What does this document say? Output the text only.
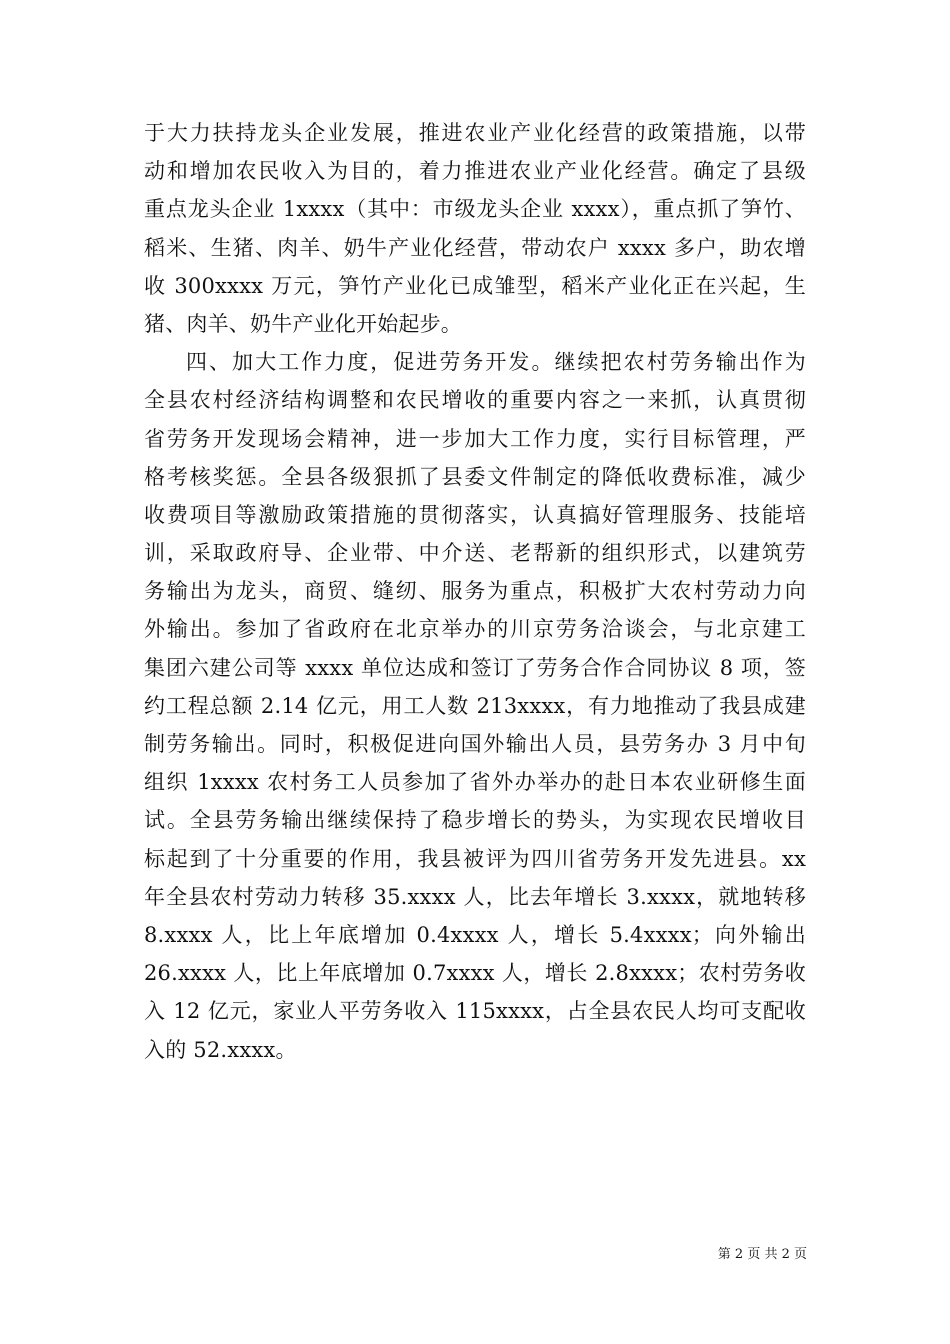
于大力扶持龙头企业发展，推进农业产业化经营的政策措施，以带
动和增加农民收入为目的，着力推进农业产业化经营。确定了县级
重点龙头企业 1xxxx（其中：市级龙头企业 xxxx），重点抓了笋竹、
稻米、生猪、肉羊、奶牛产业化经营，带动农户 xxxx 多户，助农增
收 300xxxx 万元，笋竹产业化已成雏型，稻米产业化正在兴起，生
猪、肉羊、奶牛产业化开始起步。
四、加大工作力度，促进劳务开发。继续把农村劳务输出作为
全县农村经济结构调整和农民增收的重要内容之一来抓，认真贯彻
省劳务开发现场会精神，进一步加大工作力度，实行目标管理，严
格考核奖惩。全县各级狠抓了县委文件制定的降低收费标准，减少
收费项目等激励政策措施的贯彻落实，认真搞好管理服务、技能培
训，采取政府导、企业带、中介送、老帮新的组织形式，以建筑劳
务输出为龙头，商贸、缝纫、服务为重点，积极扩大农村劳动力向
外输出。参加了省政府在北京举办的川京劳务洽谈会，与北京建工
集团六建公司等 xxxx 单位达成和签订了劳务合作合同协议 8 项，签
约工程总额 2.14 亿元，用工人数 213xxxx，有力地推动了我县成建
制劳务输出。同时，积极促进向国外输出人员，县劳务办 3 月中旬
组织 1xxxx 农村务工人员参加了省外办举办的赴日本农业研修生面
试。全县劳务输出继续保持了稳步增长的势头，为实现农民增收目
标起到了十分重要的作用，我县被评为四川省劳务开发先进县。xx
年全县农村劳动力转移 35.xxxx 人，比去年增长 3.xxxx，就地转移
8.xxxx 人，比上年底增加 0.4xxxx 人，增长 5.4xxxx；向外输出
26.xxxx 人，比上年底增加 0.7xxxx 人，增长 2.8xxxx；农村劳务收
入 12 亿元，家业人平劳务收入 115xxxx，占全县农民人均可支配收
入的 52.xxxx。
第 2 页 共 2 页
